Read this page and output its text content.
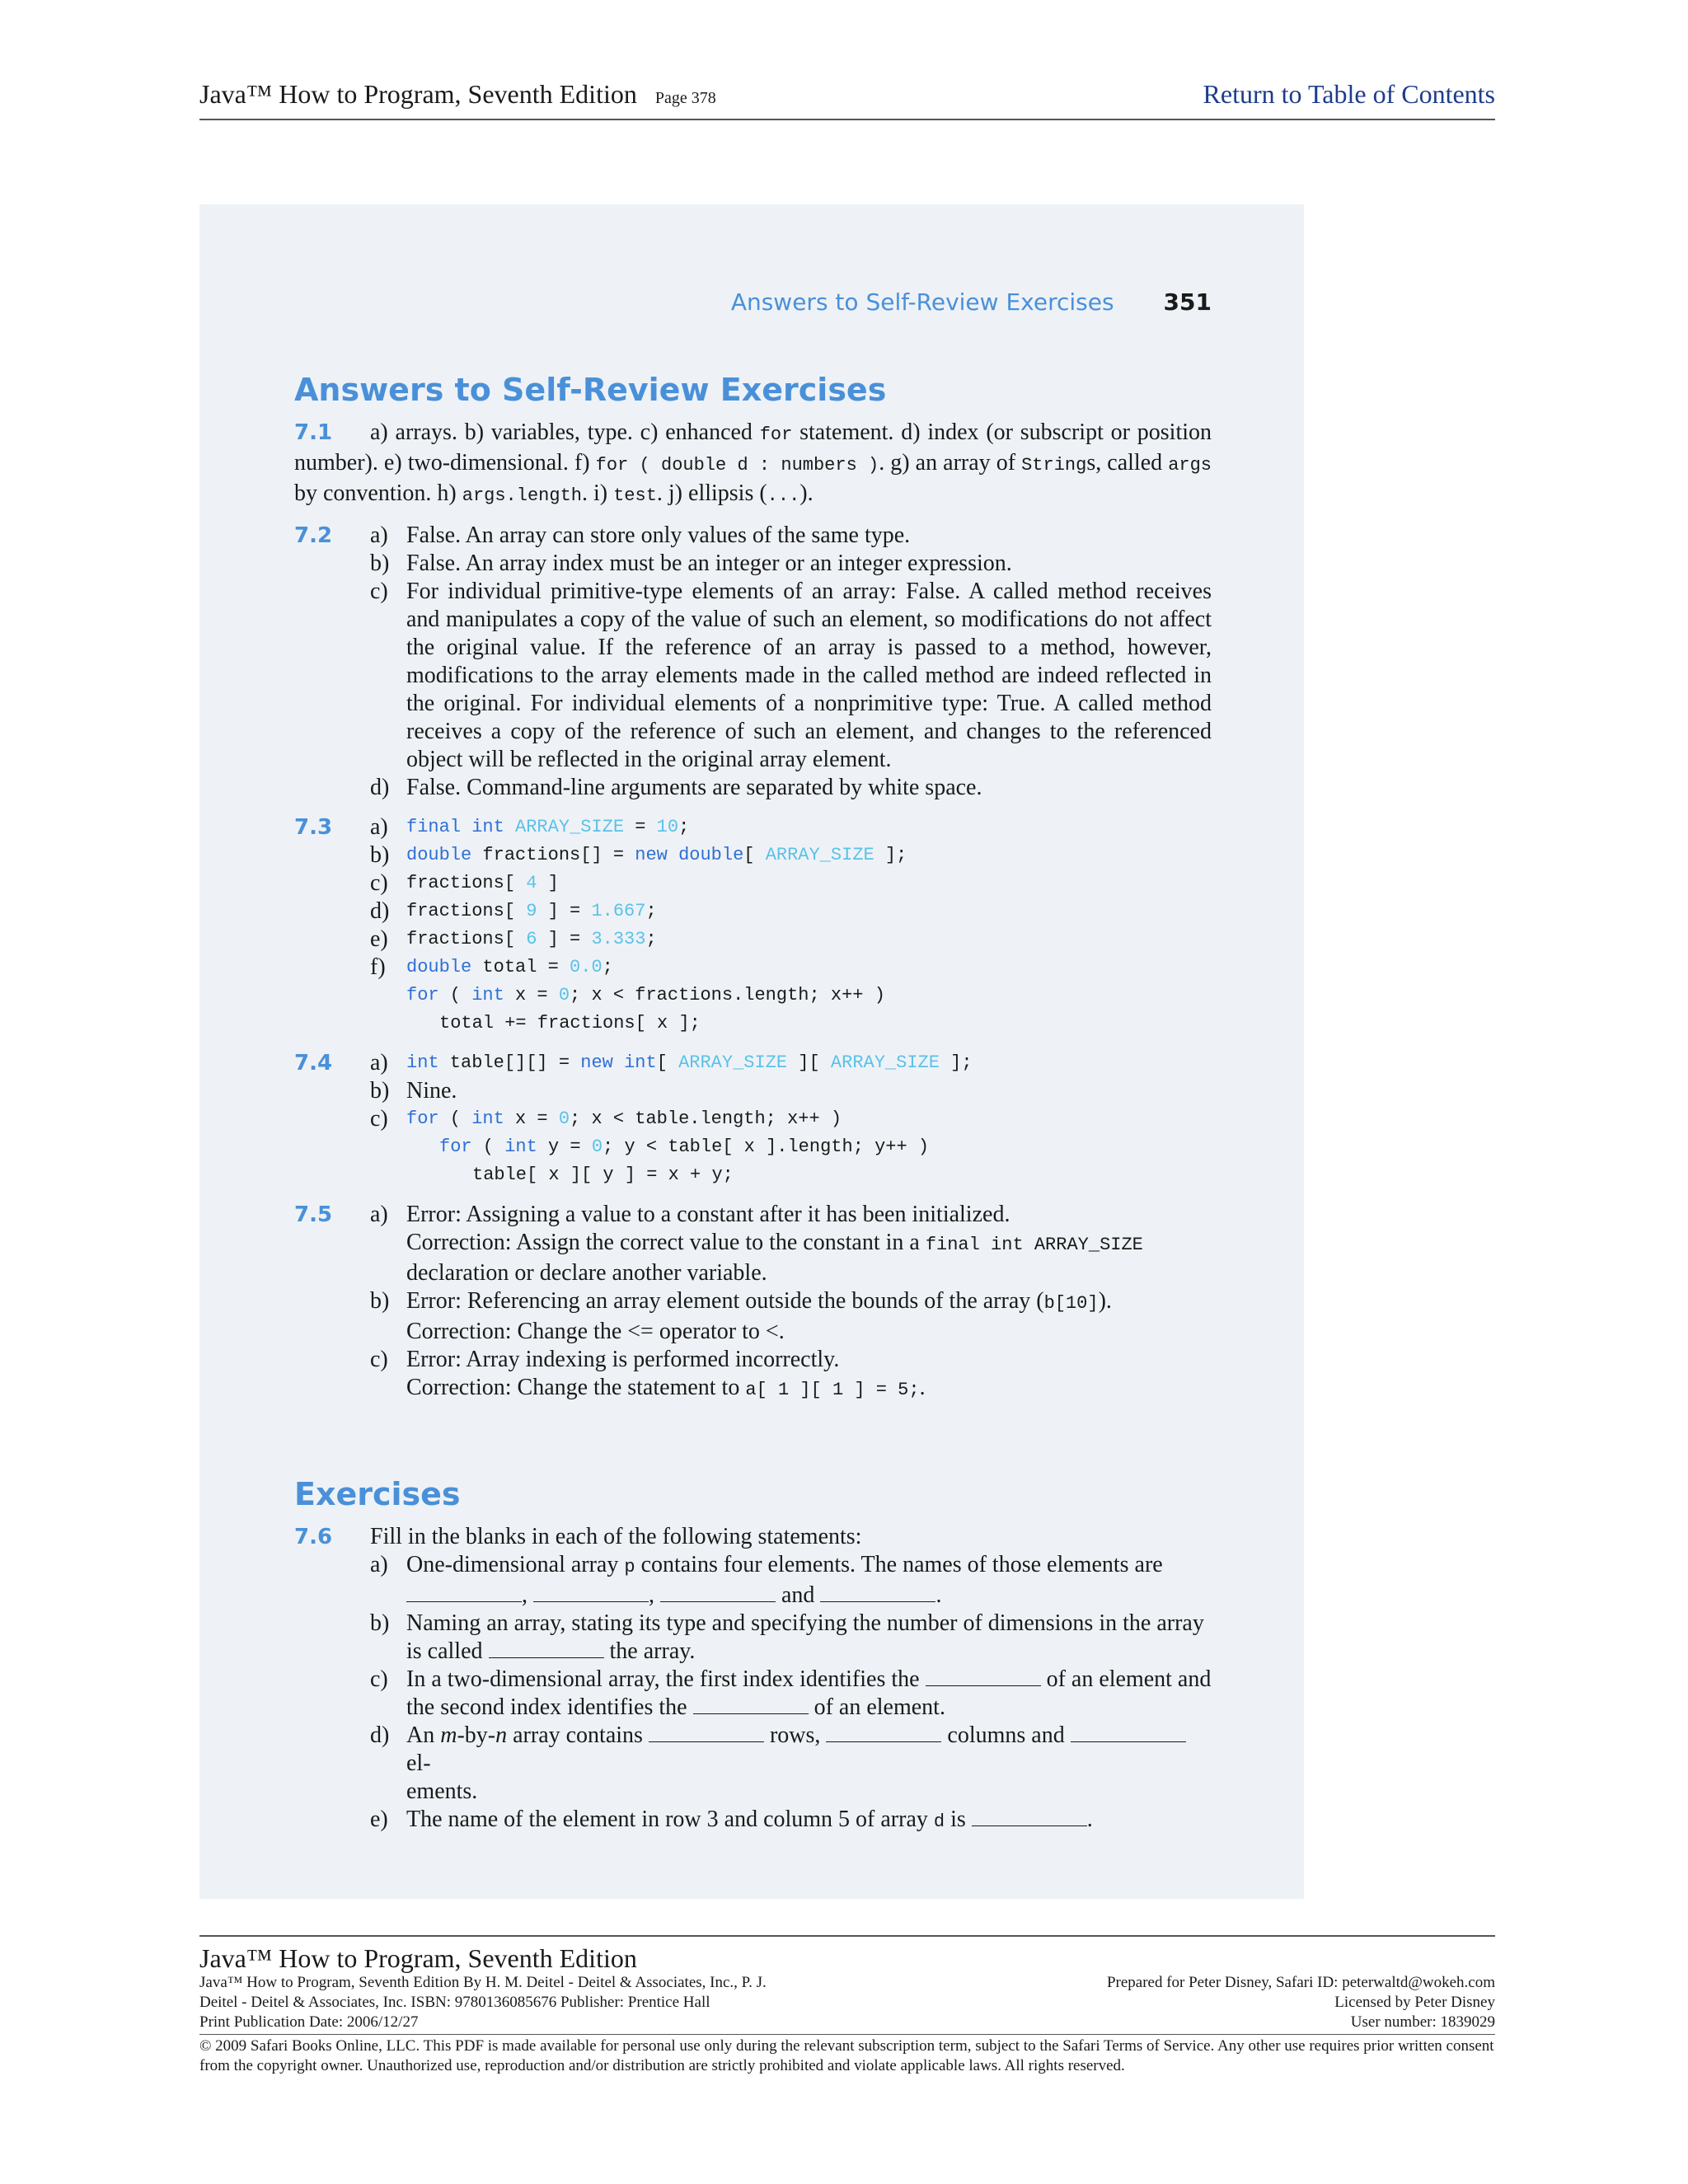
Java™ How to Program, Seventh Edition Page 378	Return to Table of Contents
Answers to Self-Review Exercises 351
Answers to Self-Review Exercises
7.1 a) arrays. b) variables, type. c) enhanced for statement. d) index (or subscript or position number). e) two-dimensional. f) for ( double d : numbers ). g) an array of Strings, called args by convention. h) args.length. i) test. j) ellipsis (...).
7.2	a) False. An array can store only values of the same type.
b) False. An array index must be an integer or an integer expression.
c) For individual primitive-type elements of an array: False. A called method receives and manipulates a copy of the value of such an element, so modifications do not affect the original value. If the reference of an array is passed to a method, however, modifications to the array elements made in the called method are indeed reflected in the original. For individual elements of a nonprimitive type: True. A called method receives a copy of the reference of such an element, and changes to the referenced object will be reflected in the original array element.
d) False. Command-line arguments are separated by white space.
7.3	a) final int ARRAY_SIZE = 10;
b) double fractions[] = new double[ ARRAY_SIZE ];
c) fractions[ 4 ]
d) fractions[ 9 ] = 1.667;
e) fractions[ 6 ] = 3.333;
f) double total = 0.0;
for ( int x = 0; x < fractions.length; x++ )
total += fractions[ x ];
7.4	a) int table[][] = new int[ ARRAY_SIZE ][ ARRAY_SIZE ];
b) Nine.
c) for ( int x = 0; x < table.length; x++ )
for ( int y = 0; y < table[ x ].length; y++ )
table[ x ][ y ] = x + y;
7.5	a) Error: Assigning a value to a constant after it has been initialized.
Correction: Assign the correct value to the constant in a final int ARRAY_SIZE
declaration or declare another variable.
b) Error: Referencing an array element outside the bounds of the array (b[10]).
Correction: Change the <= operator to <.
c) Error: Array indexing is performed incorrectly.
Correction: Change the statement to a[ 1 ][ 1 ] = 5;.
Exercises
7.6 Fill in the blanks in each of the following statements:
a) One-dimensional array p contains four elements. The names of those elements are
,	,	and	.
b) Naming an array, stating its type and specifying the number of dimensions in the array
is called	the array.
c) In a two-dimensional array, the first index identifies the	of an element and
the second index identifies the	of an element.
d) An m-by-n array contains	rows,	columns and  el-
ements.
e) The name of the element in row 3 and column 5 of array d is	.
Java™ How to Program, Seventh Edition
Java™ How to Program, Seventh Edition By H. M. Deitel - Deitel & Associates, Inc., P. J.	Prepared for Peter Disney, Safari ID: peterwaltd@wokeh.com
Deitel - Deitel & Associates, Inc. ISBN: 9780136085676 Publisher: Prentice Hall	Licensed by Peter Disney
Print Publication Date: 2006/12/27	User number: 1839029
© 2009 Safari Books Online, LLC. This PDF is made available for personal use only during the relevant subscription term, subject to the Safari Terms of Service. Any other use requires prior written consent from the copyright owner. Unauthorized use, reproduction and/or distribution are strictly prohibited and violate applicable laws. All rights reserved.
